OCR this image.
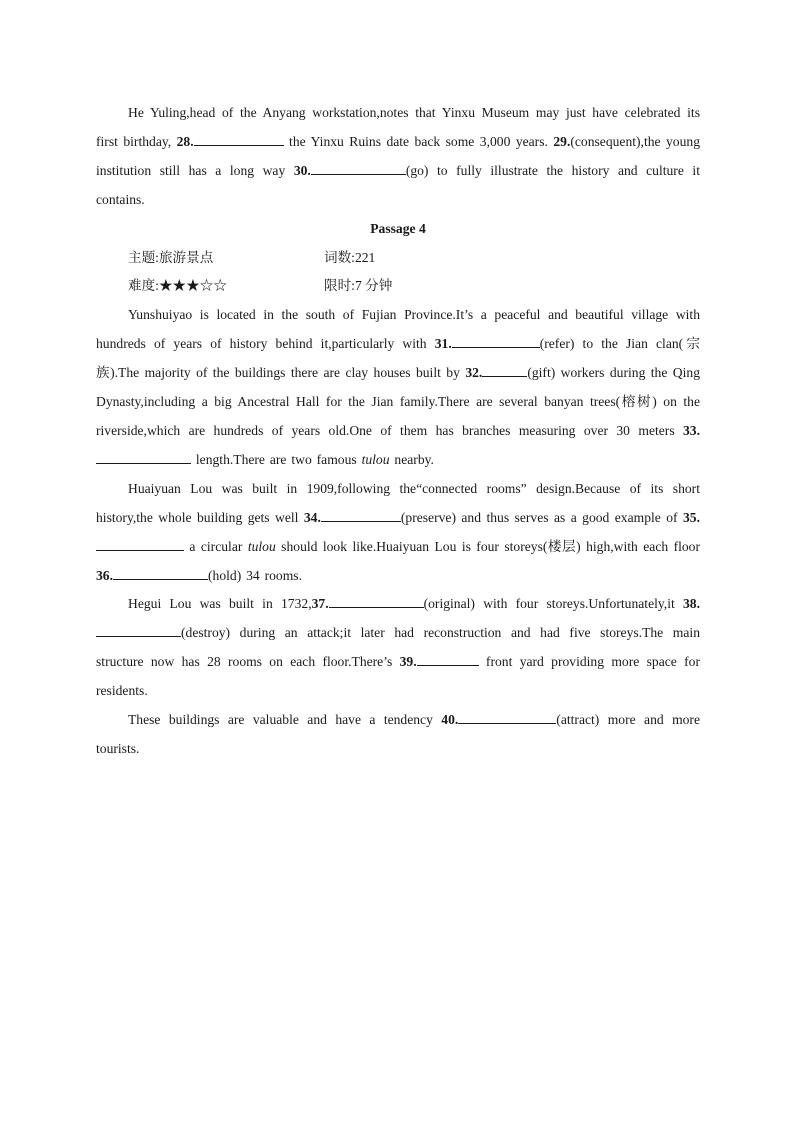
He Yuling,head of the Anyang workstation,notes that Yinxu Museum may just have celebrated its first birthday, 28.	the Yinxu Ruins date back some 3,000 years. 29.(consequent),the young institution still has a long way 30.	(go) to fully illustrate the history and culture it contains.

Passage 4

主题:旅游景点	词数:221
难度:★★★☆☆	限时:7 分钟

Yunshuiyao is located in the south of Fujian Province.It’s a peaceful and beautiful village with hundreds of years of history behind it,particularly with 31.	(refer) to the Jian clan(宗族).The majority of the buildings there are clay houses built by 32.	(gift) workers during the Qing Dynasty,including a big Ancestral Hall for the Jian family.There are several banyan trees(榕树) on the riverside,which are hundreds of years old.One of them has branches measuring over 30 meters 33. length.There are two famous tulou nearby.

Huaiyuan Lou was built in 1909,following the“connected rooms” design.Because of its short history,the whole building gets well 34.	(preserve) and thus serves as a good example of 35. a circular tulou should look like.Huaiyuan Lou is four storeys(楼层) high,with each floor 36.	(hold) 34 rooms.

Hegui Lou was built in 1732,37.	(original) with four storeys.Unfortunately,it 38.(destroy) during an attack;it later had reconstruction and had five storeys.The main structure now has 28 rooms on each floor.There’s 39.	front yard providing more space for residents.

These buildings are valuable and have a tendency 40.	(attract) more and more tourists.
